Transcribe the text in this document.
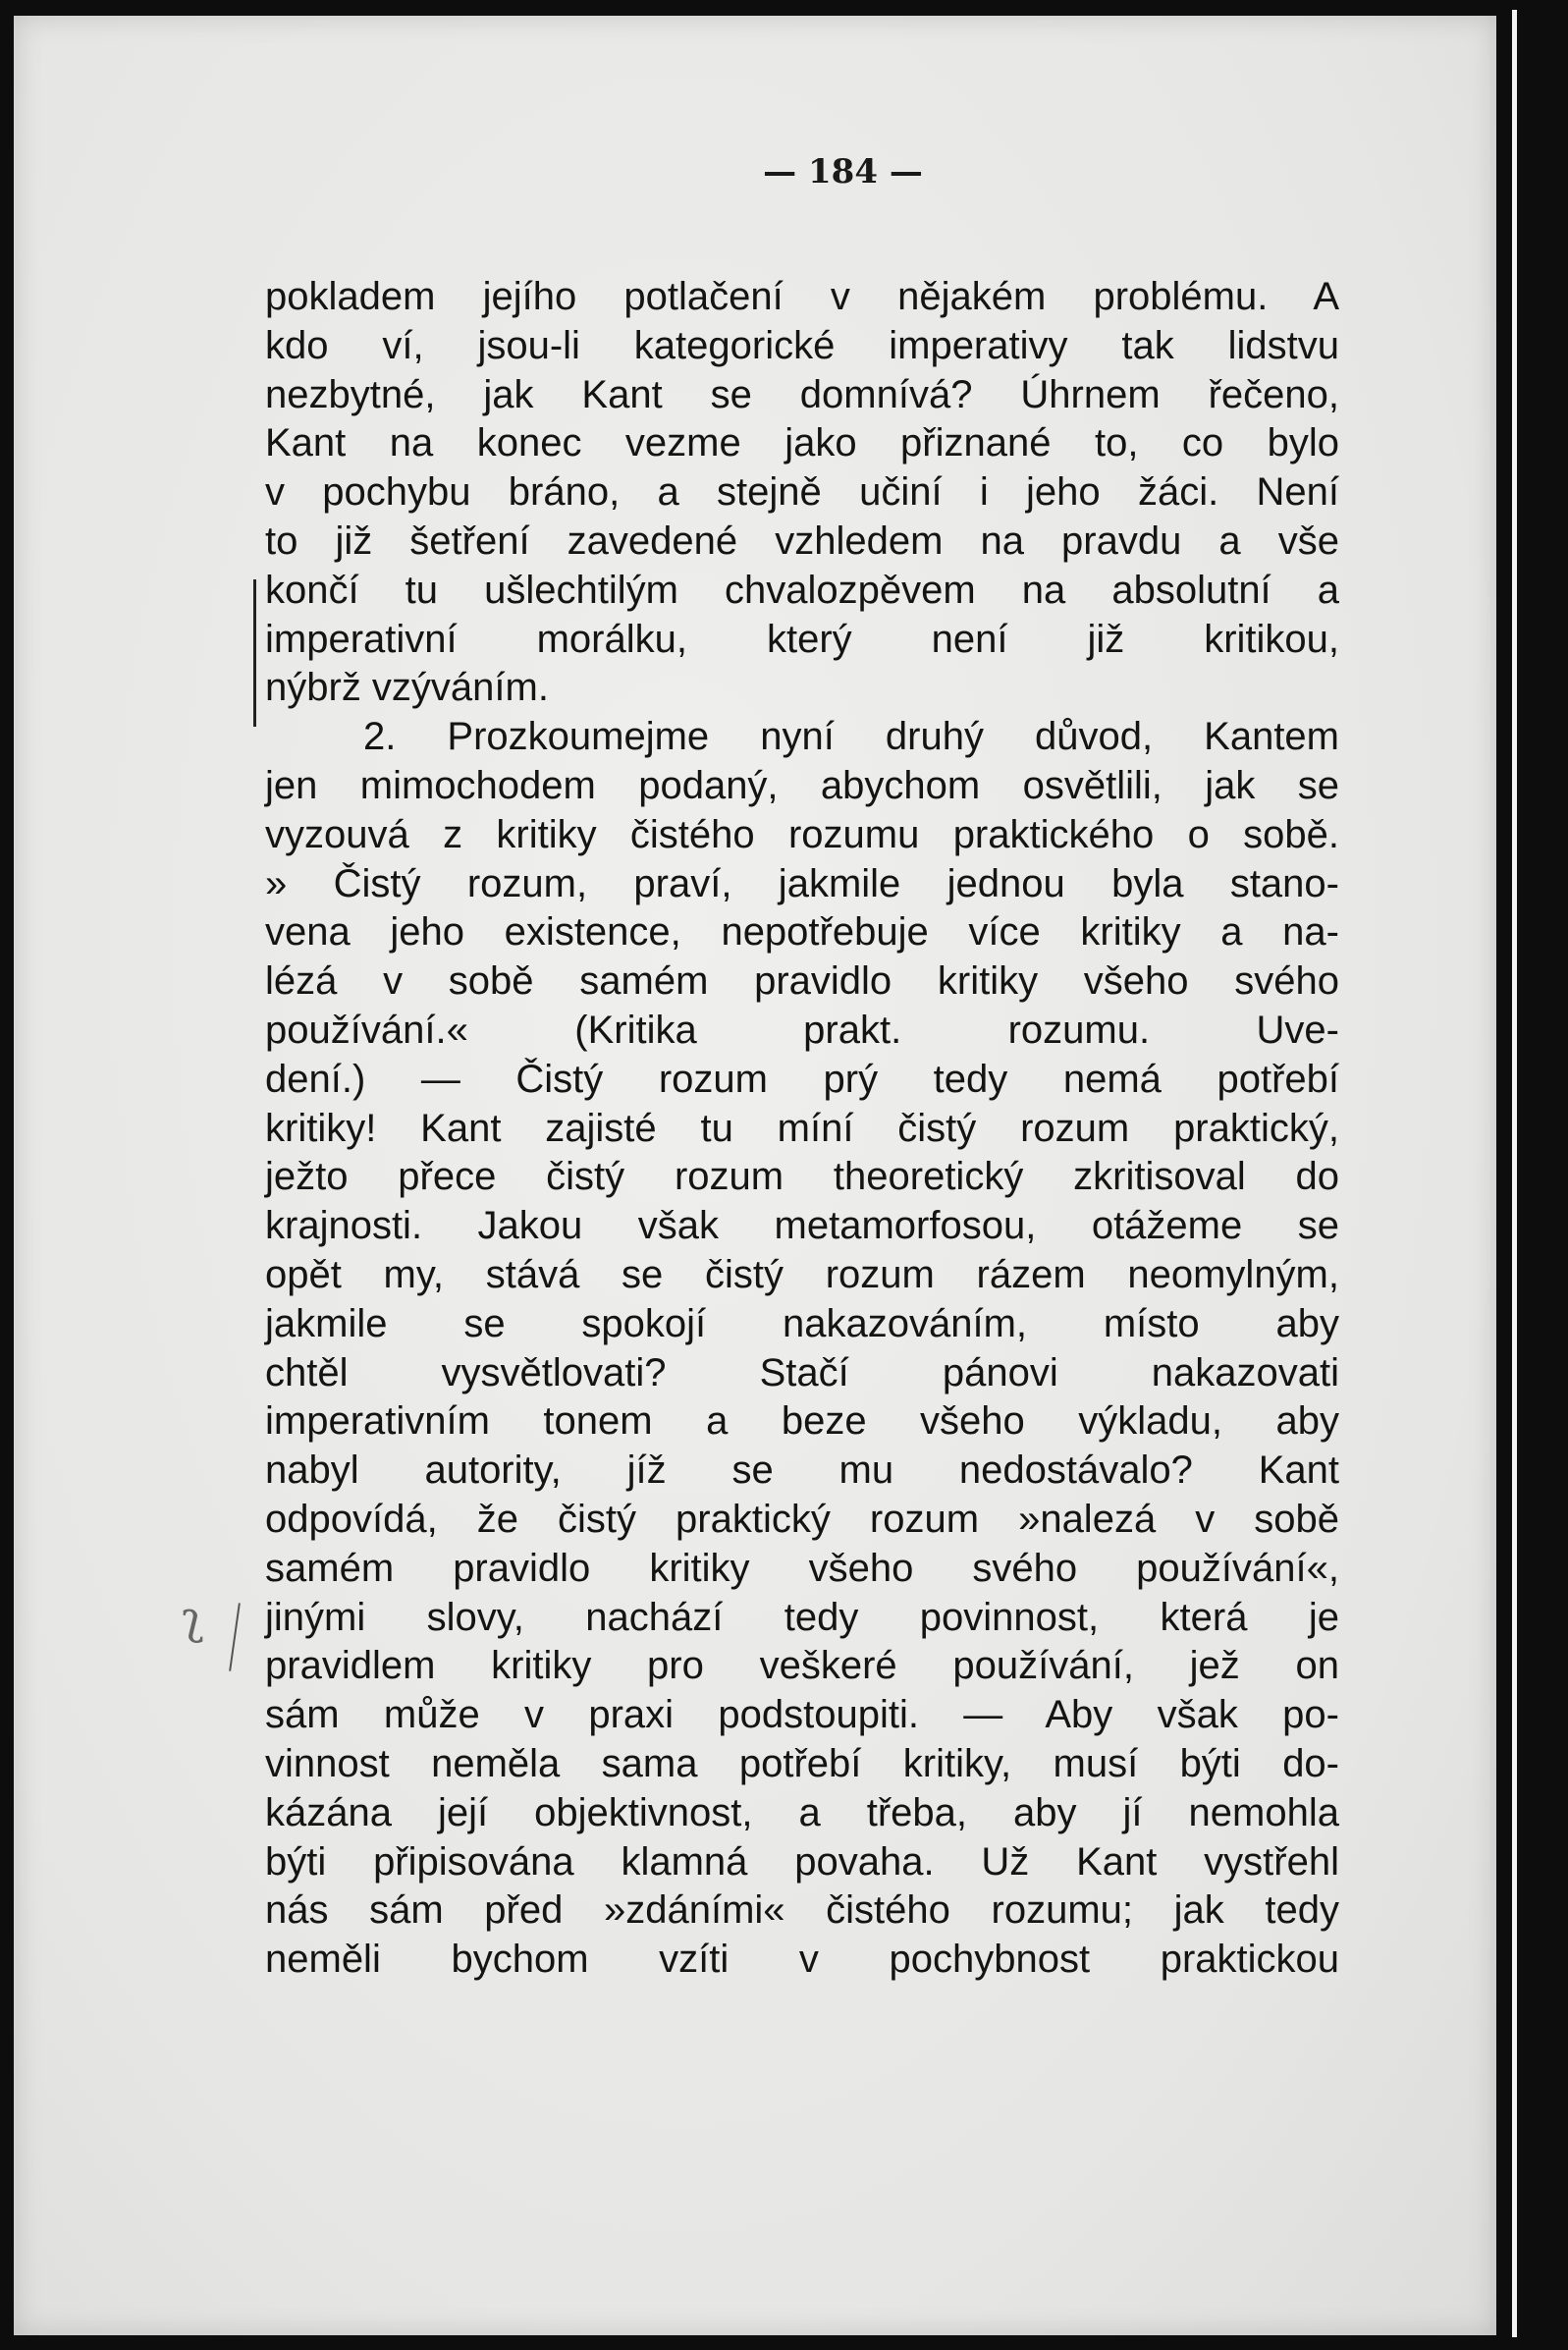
— 184 —
pokladem jejího potlačení v nějakém problému. A
kdo ví, jsou-li kategorické imperativy tak lidstvu
nezbytné, jak Kant se domnívá? Úhrnem řečeno,
Kant na konec vezme jako přiznané to, co bylo
v pochybu bráno, a stejně učiní i jeho žáci. Není
to již šetření zavedené vzhledem na pravdu a vše
končí tu ušlechtilým chvalozpěvem na absolutní a
imperativní morálku, který není již kritikou,
nýbrž vzýváním.
2. Prozkoumejme nyní druhý důvod, Kantem
jen mimochodem podaný, abychom osvětlili, jak se
vyzouvá z kritiky čistého rozumu praktického o sobě.
» Čistý rozum, praví, jakmile jednou byla stano-
vena jeho existence, nepotřebuje více kritiky a na-
lézá v sobě samém pravidlo kritiky všeho svého
používání.« (Kritika prakt. rozumu. Uve-
dení.) — Čistý rozum prý tedy nemá potřebí
kritiky! Kant zajisté tu míní čistý rozum praktický,
ježto přece čistý rozum theoretický zkritisoval do
krajnosti. Jakou však metamorfosou, otážeme se
opět my, stává se čistý rozum rázem neomylným,
jakmile se spokojí nakazováním, místo aby
chtěl vysvětlovati? Stačí pánovi nakazovati
imperativním tonem a beze všeho výkladu, aby
nabyl autority, jíž se mu nedostávalo? Kant
odpovídá, že čistý praktický rozum »nalezá v sobě
samém pravidlo kritiky všeho svého používání«,
jinými slovy, nachází tedy povinnost, která je
pravidlem kritiky pro veškeré používání, jež on
sám může v praxi podstoupiti. — Aby však po-
vinnost neměla sama potřebí kritiky, musí býti do-
kázána její objektivnost, a třeba, aby jí nemohla
býti připisována klamná povaha. Už Kant vystřehl
nás sám před »zdáními« čistého rozumu; jak tedy
neměli bychom vzíti v pochybnost praktickou
ʅ
